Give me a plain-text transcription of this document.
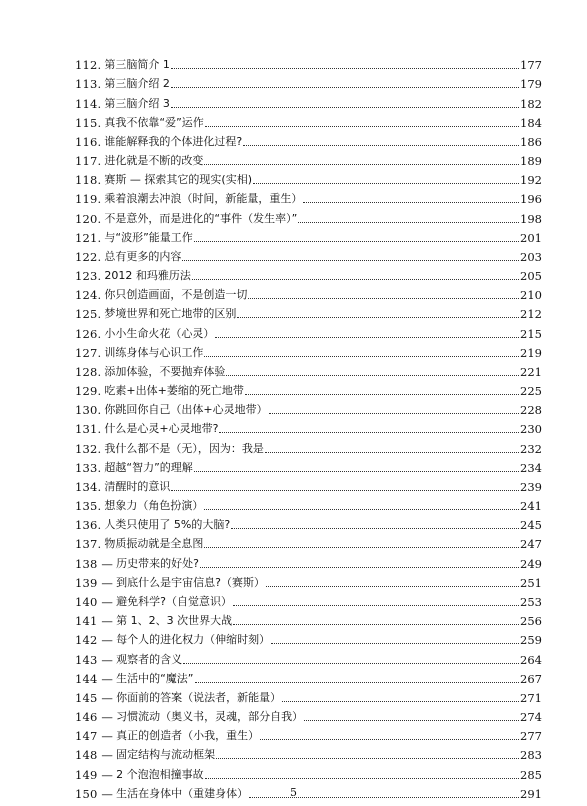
112. 第三脑简介 1	177
113. 第三脑介绍 2	179
114. 第三脑介绍 3	182
115. 真我不依靠“爱”运作	184
116. 谁能解释我的个体进化过程?	186
117. 进化就是不断的改变	189
118. 赛斯 — 探索其它的现实(实相)	192
119. 乘着浪潮去冲浪（时间，新能量，重生）	196
120. 不是意外，而是进化的“事件（发生率）”	198
121. 与“波形”能量工作	201
122. 总有更多的内容	203
123. 2012 和玛雅历法	205
124. 你只创造画面，不是创造一切	210
125. 梦境世界和死亡地带的区别	212
126. 小小生命火花（心灵）	215
127. 训练身体与心识工作	219
128. 添加体验，不要抛弃体验	221
129. 吃素+出体+萎缩的死亡地带	225
130. 你跳回你自己（出体+心灵地带）	228
131. 什么是心灵+心灵地带?	230
132. 我什么都不是（无），因为：我是	232
133. 超越“智力”的理解	234
134. 清醒时的意识	239
135. 想象力（角色扮演）	241
136. 人类只使用了 5%的大脑?	245
137. 物质振动就是全息图	247
138 — 历史带来的好处?	249
139 — 到底什么是宇宙信息?（赛斯）	251
140 — 避免科学?（自觉意识）	253
141 — 第 1、2、3 次世界大战	256
142 — 每个人的进化权力（伸缩时刻）	259
143 — 观察者的含义	264
144 — 生活中的“魔法”	267
145 — 你面前的答案（说法者，新能量）	271
146 — 习惯流动（奥义书，灵魂，部分自我）	274
147 — 真正的创造者（小我，重生）	277
148 — 固定结构与流动框架	283
149 — 2 个泡泡相撞事故	285
150 — 生活在身体中（重建身体）	291
5
